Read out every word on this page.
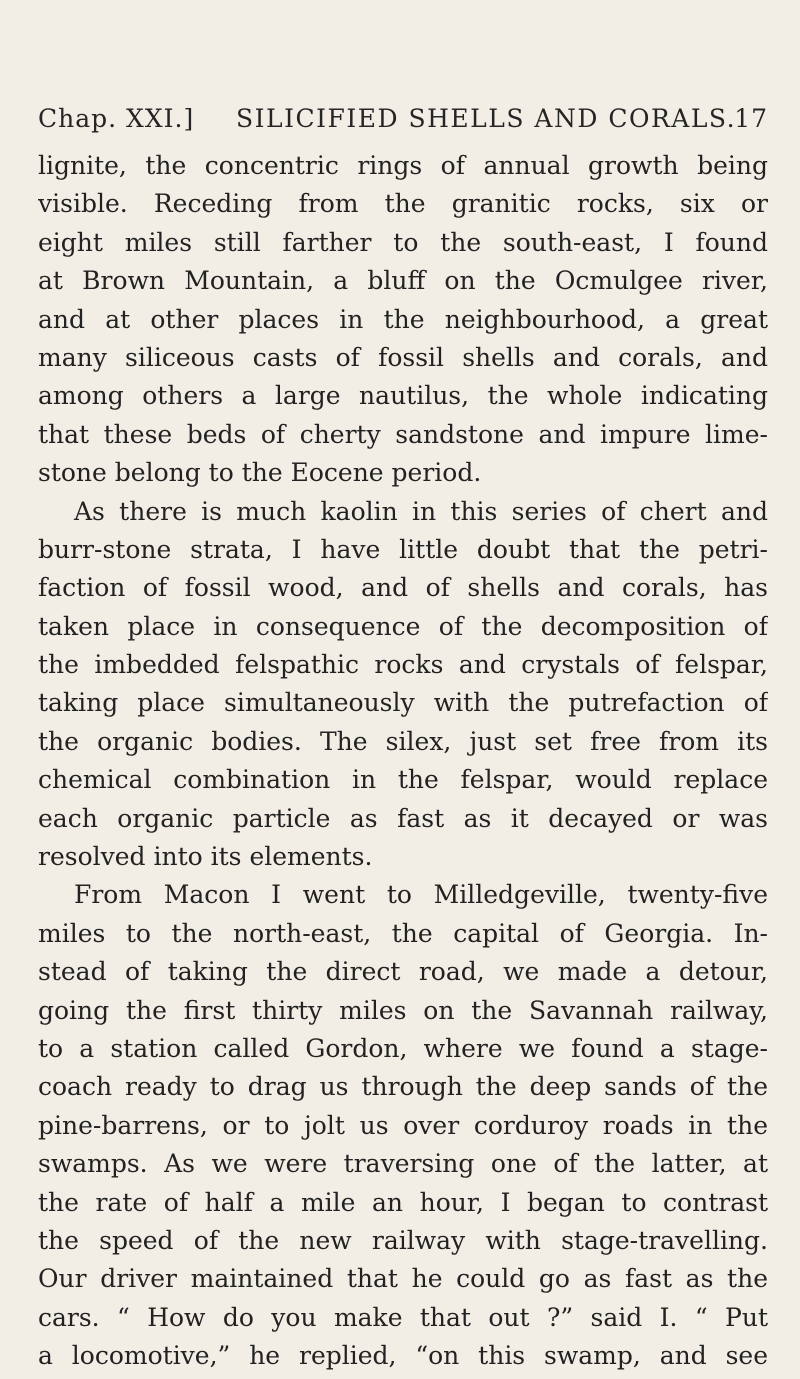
Chap. XXI.] SILICIFIED SHELLS AND CORALS.
17
lignite, the concentric rings of annual growth being
visible. Receding from the granitic rocks, six or
eight miles still farther to the south-east, I found
at Brown Mountain, a bluff on the Ocmulgee river,
and at other places in the neighbourhood, a great
many siliceous casts of fossil shells and corals, and
among others a large nautilus, the whole indicating
that these beds of cherty sandstone and impure lime-
stone belong to the Eocene period.
As there is much kaolin in this series of chert and
burr-stone strata, I have little doubt that the petri-
faction of fossil wood, and of shells and corals, has
taken place in consequence of the decomposition of
the imbedded felspathic rocks and crystals of felspar,
taking place simultaneously with the putrefaction of
the organic bodies. The silex, just set free from its
chemical combination in the felspar, would replace
each organic particle as fast as it decayed or was
resolved into its elements.
From Macon I went to Milledgeville, twenty-five
miles to the north-east, the capital of Georgia. In-
stead of taking the direct road, we made a detour,
going the first thirty miles on the Savannah railway,
to a station called Gordon, where we found a stage-
coach ready to drag us through the deep sands of the
pine-barrens, or to jolt us over corduroy roads in the
swamps. As we were traversing one of the latter, at
the rate of half a mile an hour, I began to contrast
the speed of the new railway with stage-travelling.
Our driver maintained that he could go as fast as the
cars. “ How do you make that out ?” said I. “ Put
a locomotive,” he replied, “on this swamp, and see
